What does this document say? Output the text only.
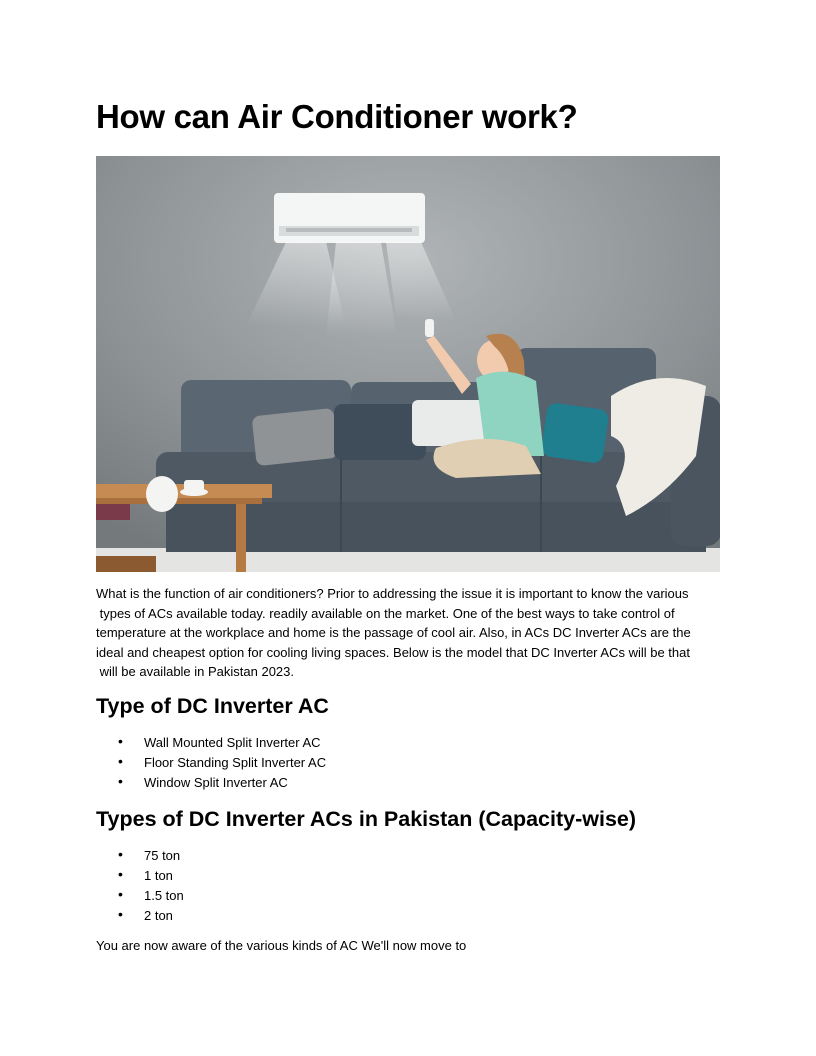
How can Air Conditioner work?
What is the function of air conditioners? Prior to addressing the issue it is important to know the various
types of ACs available today. readily available on the market. One of the best ways to take control of
temperature at the workplace and home is the passage of cool air. Also, in ACs DC Inverter ACs are the
ideal and cheapest option for cooling living spaces. Below is the model that DC Inverter ACs will be that
will be available in Pakistan 2023.
Type of DC Inverter AC
• Wall Mounted Split Inverter AC
• Floor Standing Split Inverter AC
• Window Split Inverter AC
Types of DC Inverter ACs in Pakistan (Capacity-wise)
• 75 ton
• 1 ton
• 1.5 ton
• 2 ton

You are now aware of the various kinds of AC We'll now move to
